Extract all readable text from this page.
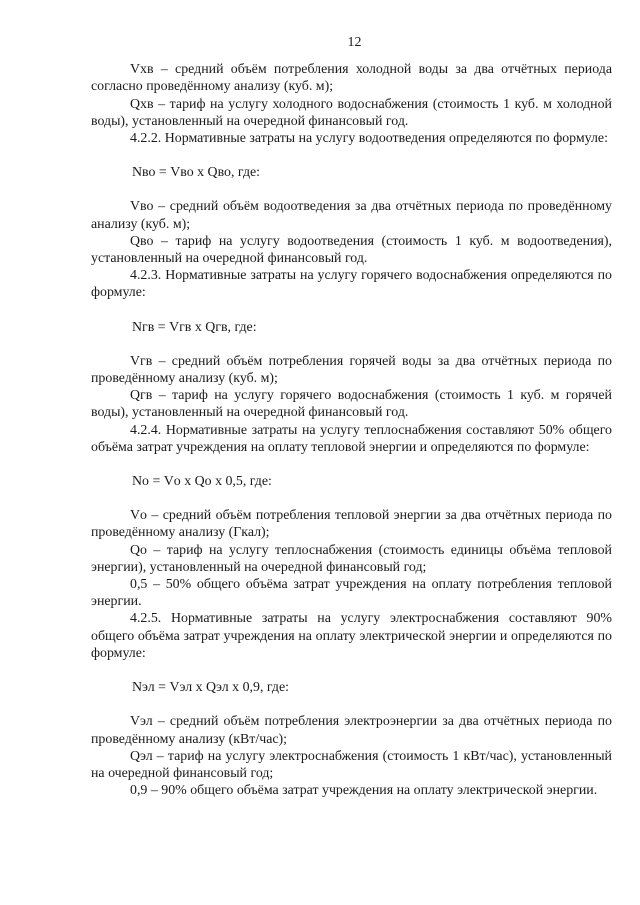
12

Vхв – средний объём потребления холодной воды за два отчётных периода согласно проведённому анализу (куб. м);

Qхв – тариф на услугу холодного водоснабжения (стоимость 1 куб. м холодной воды), установленный на очередной финансовый год.

4.2.2. Нормативные затраты на услугу водоотведения определяются по формуле:

Nво = Vво х Qво, где:

Vво – средний объём водоотведения за два отчётных периода по проведённому анализу (куб. м);

Qво – тариф на услугу водоотведения (стоимость 1 куб. м водоотведения), установленный на очередной финансовый год.

4.2.3. Нормативные затраты на услугу горячего водоснабжения определяются по формуле:

Nгв = Vгв х Qгв, где:

Vгв – средний объём потребления горячей воды за два отчётных периода по проведённому анализу (куб. м);

Qгв – тариф на услугу горячего водоснабжения (стоимость 1 куб. м горячей воды), установленный на очередной финансовый год.

4.2.4. Нормативные затраты на услугу теплоснабжения составляют 50% общего объёма затрат учреждения на оплату тепловой энергии и определяются по формуле:

Nо = Vо х Qо х 0,5, где:

Vо – средний объём потребления тепловой энергии за два отчётных периода по проведённому анализу (Гкал);

Qо – тариф на услугу теплоснабжения (стоимость единицы объёма тепловой энергии), установленный на очередной финансовый год;

0,5 – 50% общего объёма затрат учреждения на оплату потребления тепловой энергии.

4.2.5. Нормативные затраты на услугу электроснабжения составляют 90% общего объёма затрат учреждения на оплату электрической энергии и определяются по формуле:

Nэл = Vэл х Qэл х 0,9, где:

Vэл – средний объём потребления электроэнергии за два отчётных периода по проведённому анализу (кВт/час);

Qэл – тариф на услугу электроснабжения (стоимость 1 кВт/час), установленный на очередной финансовый год;

0,9 – 90% общего объёма затрат учреждения на оплату электрической энергии.
